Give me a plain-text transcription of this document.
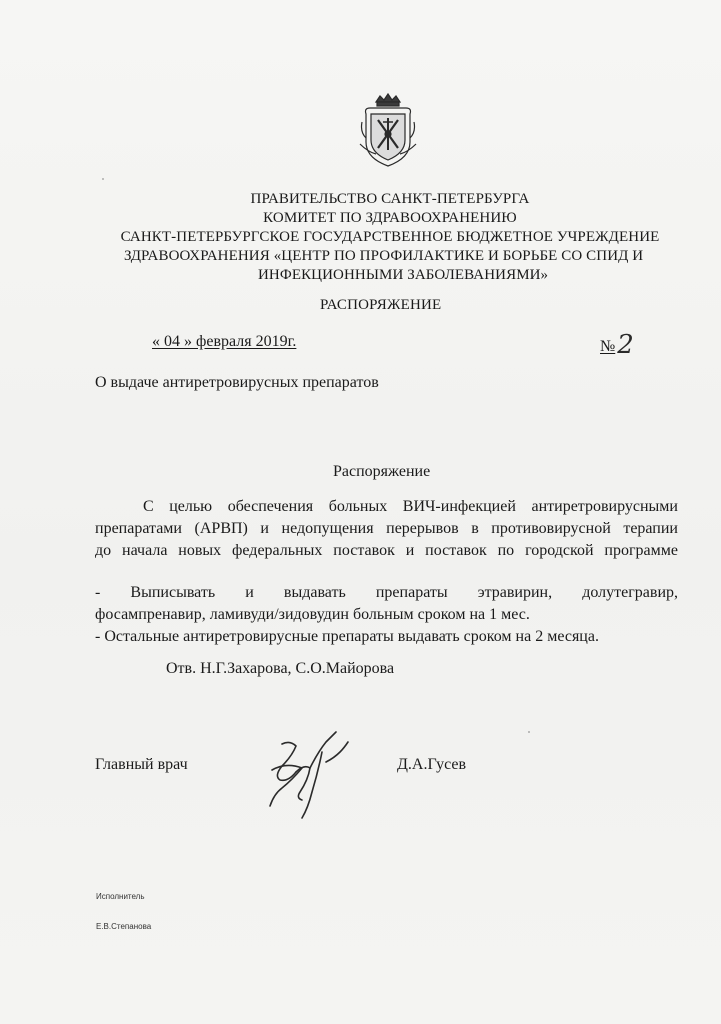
ПРАВИТЕЛЬСТВО САНКТ-ПЕТЕРБУРГА
КОМИТЕТ ПО ЗДРАВООХРАНЕНИЮ
САНКТ-ПЕТЕРБУРГСКОЕ ГОСУДАРСТВЕННОЕ БЮДЖЕТНОЕ УЧРЕЖДЕНИЕ
ЗДРАВООХРАНЕНИЯ «ЦЕНТР ПО ПРОФИЛАКТИКЕ И БОРЬБЕ СО СПИД И
ИНФЕКЦИОННЫМИ ЗАБОЛЕВАНИЯМИ»
РАСПОРЯЖЕНИЕ
« 04 » февраля 2019г.	№2
О выдаче антиретровирусных препаратов
Распоряжение
С целью обеспечения больных ВИЧ-инфекцией антиретровирусными
препаратами (АРВП) и недопущения перерывов в противовирусной терапии
до начала новых федеральных поставок и поставок по городской программе
- Выписывать и выдавать препараты этравирин, долутегравир,
фосампренавир, ламивуди/зидовудин больным сроком на 1 мес.
- Остальные антиретровирусные препараты выдавать сроком на 2 месяца.
Отв. Н.Г.Захарова, С.О.Майорова
Главный врач	Д.А.Гусев
Исполнитель
Е.В.Степанова
